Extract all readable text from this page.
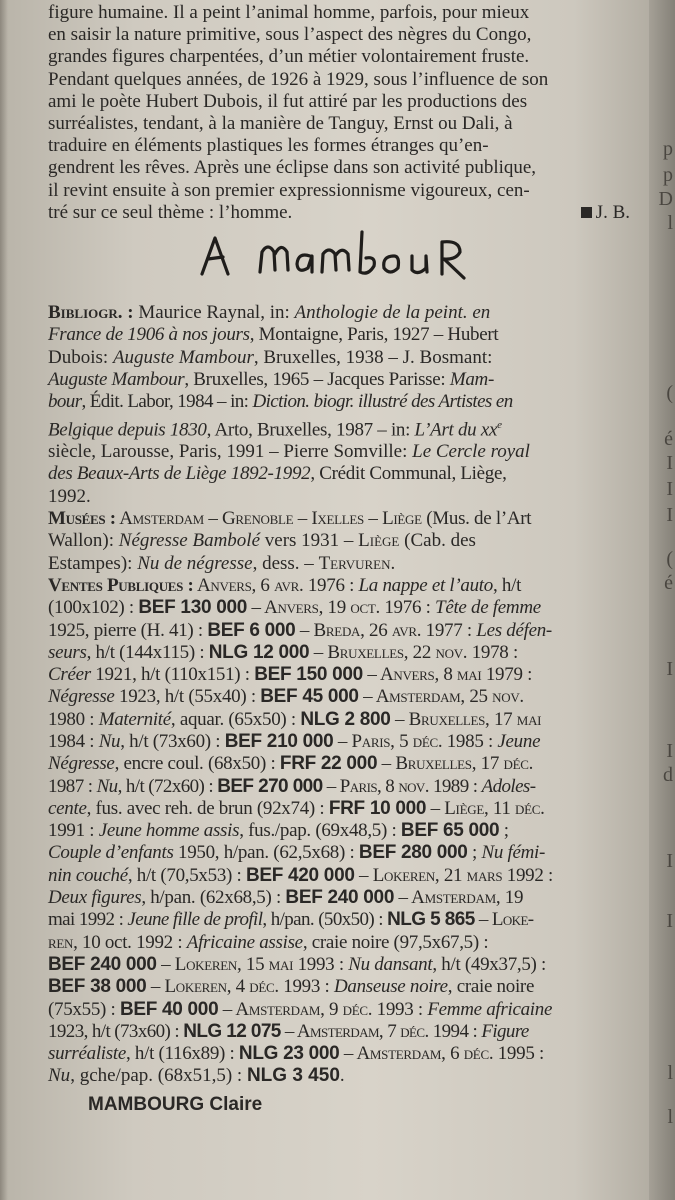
p
p
D
l
(
é
I
I
I
(
é
I
I
d
I
I
l
l

figure humaine. Il a peint l’animal homme, parfois, pour mieux
en saisir la nature primitive, sous l’aspect des nègres du Congo,
grandes figures charpentées, d’un métier volontairement fruste.
Pendant quelques années, de 1926 à 1929, sous l’influence de son
ami le poète Hubert Dubois, il fut attiré par les productions des
surréalistes, tendant, à la manière de Tanguy, Ernst ou Dali, à
traduire en éléments plastiques les formes étranges qu’en-
gendrent les rêves. Après une éclipse dans son activité publique,
il revint ensuite à son premier expressionnisme vigoureux, cen-
tré sur ce seul thème : l’homme.	J. B.

Bibliogr. : Maurice Raynal, in: Anthologie de la peint. en
France de 1906 à nos jours, Montaigne, Paris, 1927 – Hubert
Dubois: Auguste Mambour, Bruxelles, 1938 – J. Bosmant:
Auguste Mambour, Bruxelles, 1965 – Jacques Parisse: Mam-
bour, Édit. Labor, 1984 – in: Diction. biogr. illustré des Artistes en
Belgique depuis 1830, Arto, Bruxelles, 1987 – in: L’Art du $xx^e$
siècle, Larousse, Paris, 1991 – Pierre Somville: Le Cercle royal
des Beaux-Arts de Liège 1892-1992, Crédit Communal, Liège,
1992.
Musées : Amsterdam – Grenoble – Ixelles – Liège (Mus. de l’Art
Wallon): Négresse Bambolé vers 1931 – Liège (Cab. des
Estampes): Nu de négresse, dess. – Tervuren.
Ventes Publiques : Anvers, 6 avr. 1976 : La nappe et l’auto, h/t
(100x102) : BEF 130 000 – Anvers, 19 oct. 1976 : Tête de femme
1925, pierre (H. 41) : BEF 6 000 – Breda, 26 avr. 1977 : Les défen-
seurs, h/t (144x115) : NLG 12 000 – Bruxelles, 22 nov. 1978 :
Créer 1921, h/t (110x151) : BEF 150 000 – Anvers, 8 mai 1979 :
Négresse 1923, h/t (55x40) : BEF 45 000 – Amsterdam, 25 nov.
1980 : Maternité, aquar. (65x50) : NLG 2 800 – Bruxelles, 17 mai
1984 : Nu, h/t (73x60) : BEF 210 000 – Paris, 5 déc. 1985 : Jeune
Négresse, encre coul. (68x50) : FRF 22 000 – Bruxelles, 17 déc.
1987 : Nu, h/t (72x60) : BEF 270 000 – Paris, 8 nov. 1989 : Adoles-
cente, fus. avec reh. de brun (92x74) : FRF 10 000 – Liège, 11 déc.
1991 : Jeune homme assis, fus./pap. (69x48,5) : BEF 65 000 ;
Couple d’enfants 1950, h/pan. (62,5x68) : BEF 280 000 ; Nu fémi-
nin couché, h/t (70,5x53) : BEF 420 000 – Lokeren, 21 mars 1992 :
Deux figures, h/pan. (62x68,5) : BEF 240 000 – Amsterdam, 19
mai 1992 : Jeune fille de profil, h/pan. (50x50) : NLG 5 865 – Loke-
ren, 10 oct. 1992 : Africaine assise, craie noire (97,5x67,5) :
BEF 240 000 – Lokeren, 15 mai 1993 : Nu dansant, h/t (49x37,5) :
BEF 38 000 – Lokeren, 4 déc. 1993 : Danseuse noire, craie noire
(75x55) : BEF 40 000 – Amsterdam, 9 déc. 1993 : Femme africaine
1923, h/t (73x60) : NLG 12 075 – Amsterdam, 7 déc. 1994 : Figure
surréaliste, h/t (116x89) : NLG 23 000 – Amsterdam, 6 déc. 1995 :
Nu, gche/pap. (68x51,5) : NLG 3 450.
MAMBOURG Claire
